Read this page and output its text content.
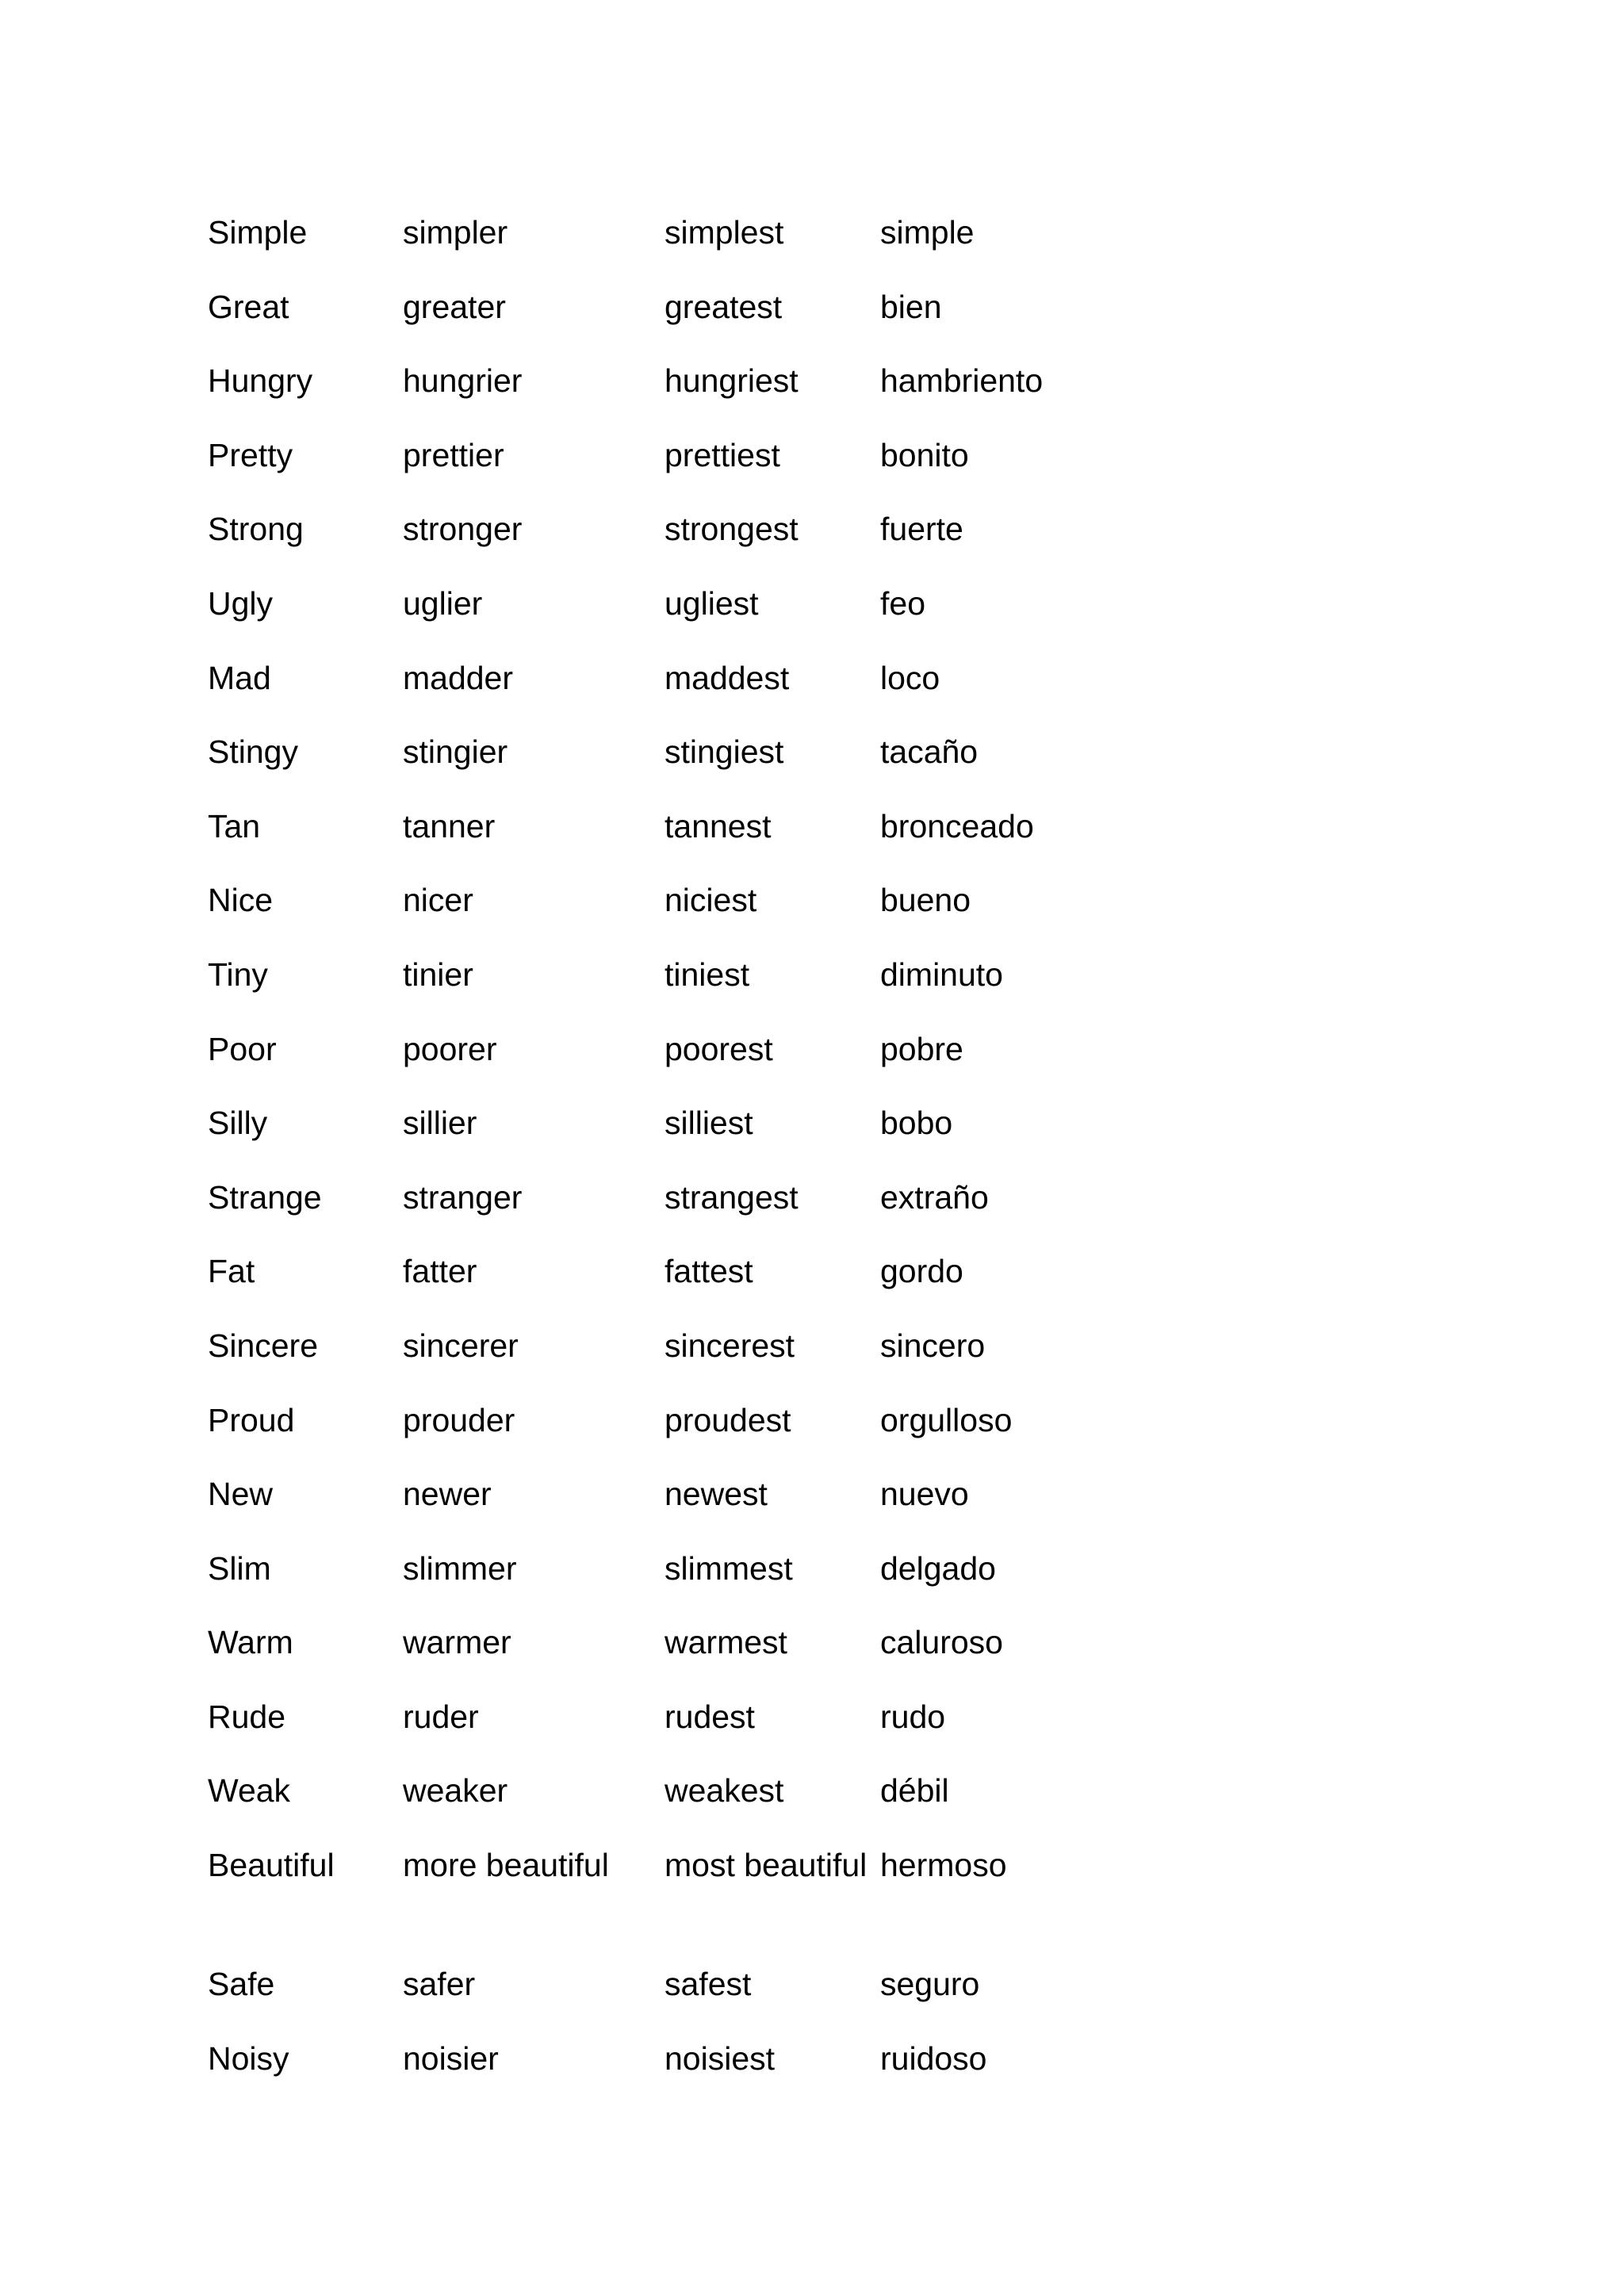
Simple	simpler	simplest	simple
Great	greater	greatest	bien
Hungry	hungrier	hungriest	hambriento
Pretty	prettier	prettiest	bonito
Strong	stronger	strongest	fuerte
Ugly	uglier	ugliest	feo
Mad	madder	maddest	loco
Stingy	stingier	stingiest	tacaño
Tan	tanner	tannest	bronceado
Nice	nicer	niciest	bueno
Tiny	tinier	tiniest	diminuto
Poor	poorer	poorest	pobre
Silly	sillier	silliest	bobo
Strange	stranger	strangest	extraño
Fat	fatter	fattest	gordo
Sincere	sincerer	sincerest	sincero
Proud	prouder	proudest	orgulloso
New	newer	newest	nuevo
Slim	slimmer	slimmest	delgado
Warm	warmer	warmest	caluroso
Rude	ruder	rudest	rudo
Weak	weaker	weakest	débil
Beautiful	more beautiful	most beautiful	hermoso
Safe	safer	safest	seguro
Noisy	noisier	noisiest	ruidoso
